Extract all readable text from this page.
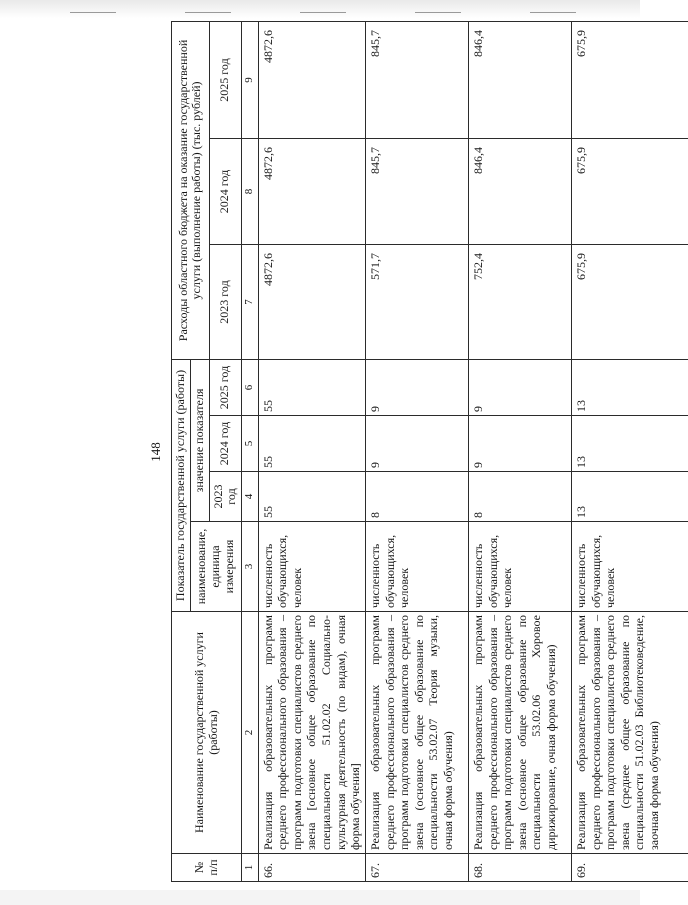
148
№ п/п	Наименование государственной услуги (работы)	Показатель государственной услуги (работы)				Расходы областного бюджета на оказание государственной услуги (выполнение работы) (тыс. рублей)		
		наименование, единица измерения	значение показателя					
			2023 год	2024 год	2025 год	2023 год	2024 год	2025 год
1	2	3	4	5	6	7	8	9
66.	Реализация образовательных программ среднего профессионального образования – программ подготовки специалистов среднего звена [основное общее образование по специальности 51.02.02 Социально-культурная деятельность (по видам), очная форма обучения]	численность обучающихся, человек	55	55	55	4872,6	4872,6	4872,6
67.	Реализация образовательных программ среднего профессионального образования – программ подготовки специалистов среднего звена (основное общее образование по специальности 53.02.07 Теория музыки, очная форма обучения)	численность обучающихся, человек	8	9	9	571,7	845,7	845,7
68.	Реализация образовательных программ среднего профессионального образования – программ подготовки специалистов среднего звена (основное общее образование по специальности 53.02.06 Хоровое дирижирование, очная форма обучения)	численность обучающихся, человек	8	9	9	752,4	846,4	846,4
69.	Реализация образовательных программ среднего профессионального образования – программ подготовки специалистов среднего звена (среднее общее образование по специальности 51.02.03 Библиотековедение, заочная форма обучения)	численность обучающихся, человек	13	13	13	675,9	675,9	675,9
